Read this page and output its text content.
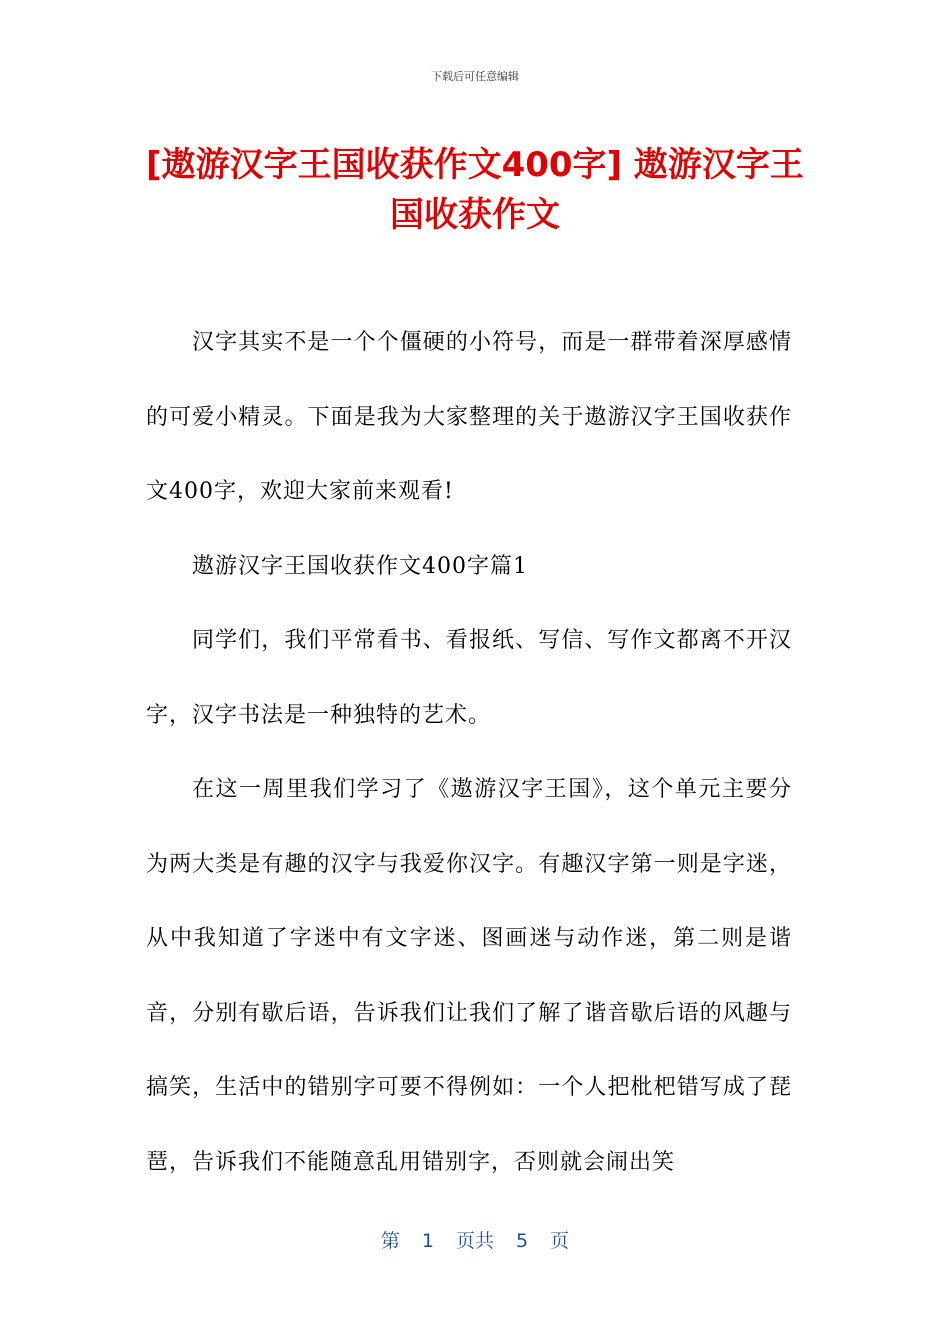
下载后可任意编辑
[遨游汉字王国收获作文400字] 遨游汉字王
国收获作文

汉字其实不是一个个僵硬的小符号，而是一群带着深厚感情的可爱小精灵。下面是我为大家整理的关于遨游汉字王国收获作文400字，欢迎大家前来观看!

遨游汉字王国收获作文400字篇1

同学们，我们平常看书、看报纸、写信、写作文都离不开汉字，汉字书法是一种独特的艺术。

在这一周里我们学习了《遨游汉字王国》，这个单元主要分为两大类是有趣的汉字与我爱你汉字。有趣汉字第一则是字迷，从中我知道了字迷中有文字迷、图画迷与动作迷，第二则是谐音，分别有歇后语，告诉我们让我们了解了谐音歇后语的风趣与搞笑，生活中的错别字可要不得例如：一个人把枇杷错写成了琵琶，告诉我们不能随意乱用错别字，否则就会闹出笑

第 1 页共 5 页
